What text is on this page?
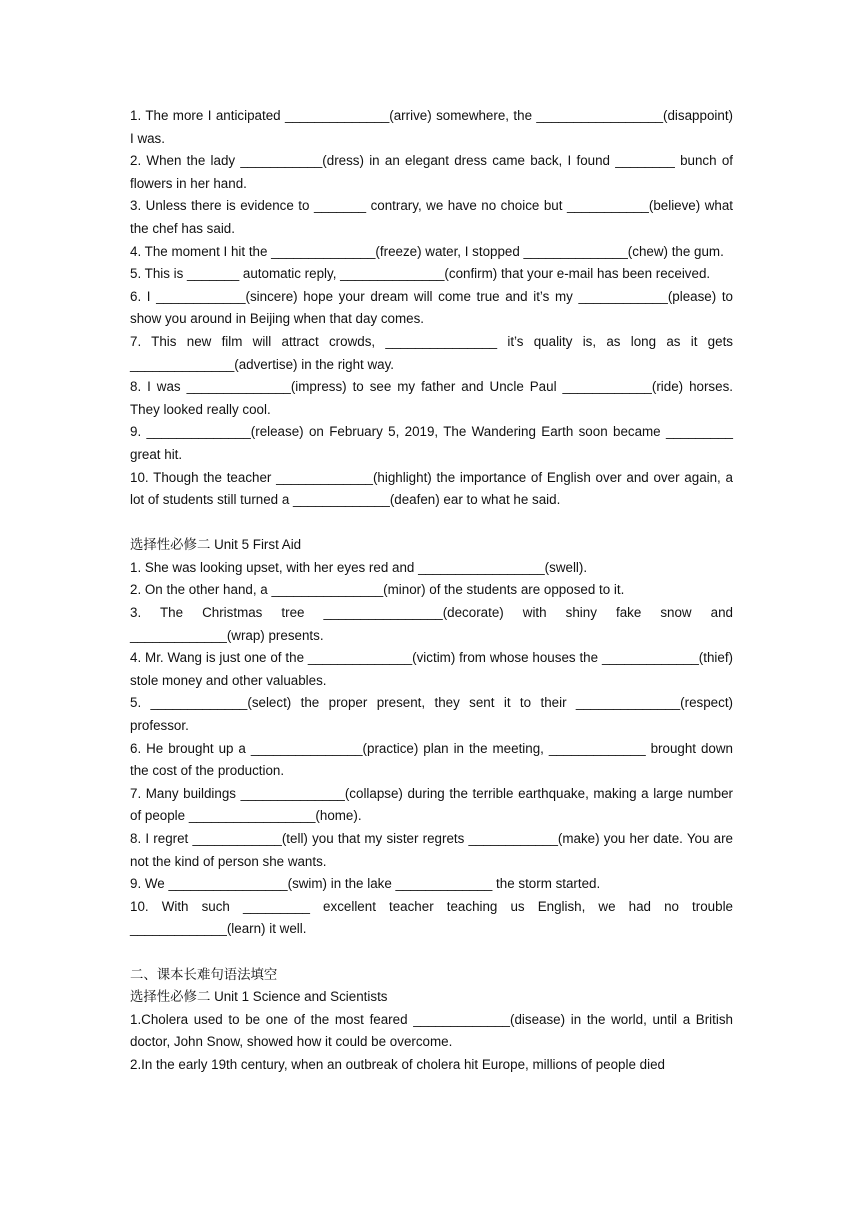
1. The more I anticipated ______________(arrive) somewhere, the _________________(disappoint) I was.

2. When the lady ___________(dress) in an elegant dress came back, I found ________ bunch of flowers in her hand.

3. Unless there is evidence to _______ contrary, we have no choice but ___________(believe) what the chef has said.

4. The moment I hit the ______________(freeze) water, I stopped ______________(chew) the gum.

5. This is _______ automatic reply, ______________(confirm) that your e-mail has been received.

6. I ____________(sincere) hope your dream will come true and it’s my ____________(please) to show you around in Beijing when that day comes.

7. This new film will attract crowds, _______________ it’s quality is, as long as it gets ______________(advertise) in the right way.

8. I was ______________(impress) to see my father and Uncle Paul ____________(ride) horses. They looked really cool.

9. ______________(release) on February 5, 2019, The Wandering Earth soon became _________ great hit.

10. Though the teacher _____________(highlight) the importance of English over and over again, a lot of students still turned a _____________(deafen) ear to what he said.

选择性必修二 Unit 5 First Aid

1. She was looking upset, with her eyes red and _________________(swell).

2. On the other hand, a _______________(minor) of the students are opposed to it.

3. The Christmas tree ________________(decorate) with shiny fake snow and _____________(wrap) presents.

4. Mr. Wang is just one of the ______________(victim) from whose houses the _____________(thief) stole money and other valuables.

5. _____________(select) the proper present, they sent it to their ______________(respect) professor.

6. He brought up a _______________(practice) plan in the meeting, _____________ brought down the cost of the production.

7. Many buildings ______________(collapse) during the terrible earthquake, making a large number of people _________________(home).

8. I regret ____________(tell) you that my sister regrets ____________(make) you her date. You are not the kind of person she wants.

9. We ________________(swim) in the lake _____________ the storm started.

10. With such _________ excellent teacher teaching us English, we had no trouble _____________(learn) it well.

二、课本长难句语法填空

选择性必修二 Unit 1 Science and Scientists

1.Cholera used to be one of the most feared _____________(disease) in the world, until a British doctor, John Snow, showed how it could be overcome.

2.In the early 19th century, when an outbreak of cholera hit Europe, millions of people died
